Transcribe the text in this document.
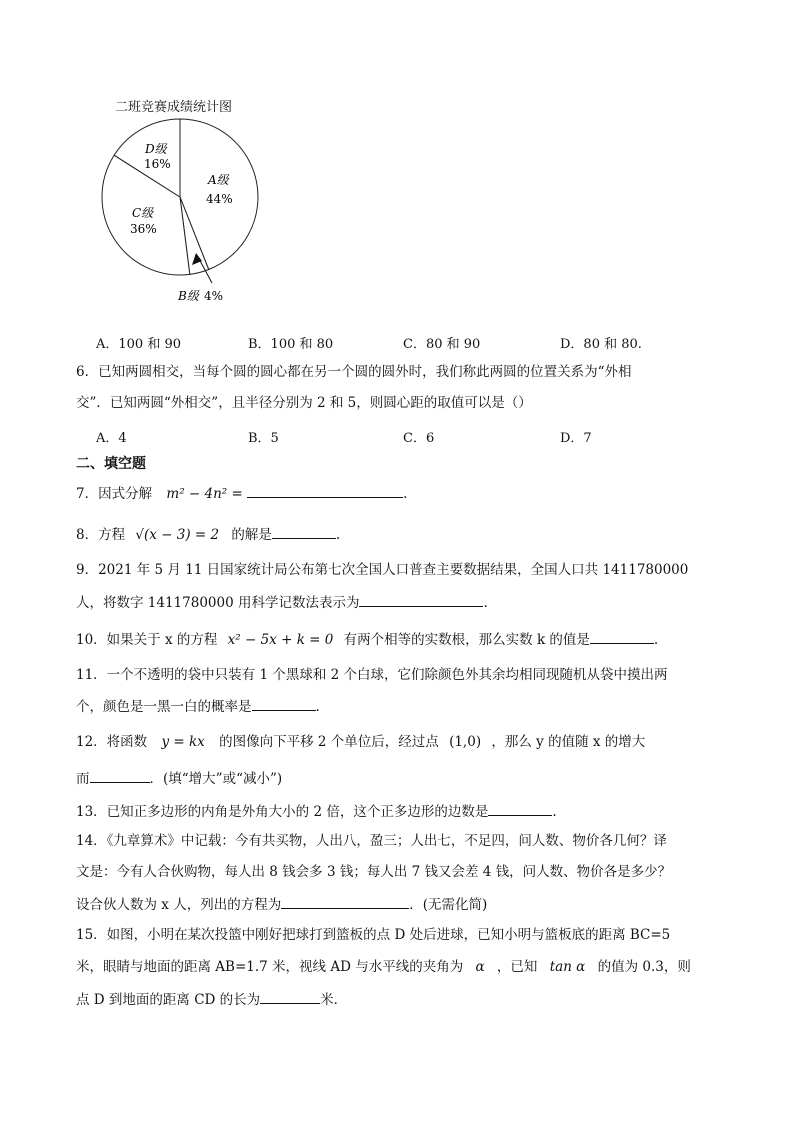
二班竞赛成绩统计图
D级
16%
A级
44%
C级
36%
B级 4%
A．100 和 90	B．100 和 80	C．80 和 90	D．80 和 80.
6．已知两圆相交，当每个圆的圆心都在另一个圆的圆外时，我们称此两圆的位置关系为“外相
交”．已知两圆“外相交”，且半径分别为 2 和 5，则圆心距的取值可以是（）
A．4	B．5	C．6	D．7
二、填空题
7．因式分解 m² − 4n² =	.
8．方程 √(x − 3) = 2 的解是	.
9．2021 年 5 月 11 日国家统计局公布第七次全国人口普查主要数据结果，全国人口共 1411780000
人，将数字 1411780000 用科学记数法表示为	.
10．如果关于 x 的方程 x² − 5x + k = 0 有两个相等的实数根，那么实数 k 的值是	.
11．一个不透明的袋中只装有 1 个黑球和 2 个白球，它们除颜色外其余均相同现随机从袋中摸出两
个，颜色是一黑一白的概率是	.
12．将函数 y = kx 的图像向下平移 2 个单位后，经过点 (1,0) ，那么 y 的值随 x 的增大
而	．(填“增大”或“减小”)
13．已知正多边形的内角是外角大小的 2 倍，这个正多边形的边数是	.
14．《九章算术》中记载：今有共买物，人出八，盈三；人出七，不足四，问人数、物价各几何？译
文是：今有人合伙购物，每人出 8 钱会多 3 钱；每人出 7 钱又会差 4 钱，问人数、物价各是多少？
设合伙人数为 x 人，列出的方程为	．(无需化简)
15．如图，小明在某次投篮中刚好把球打到篮板的点 D 处后进球，已知小明与篮板底的距离 BC=5
米，眼睛与地面的距离 AB=1.7 米，视线 AD 与水平线的夹角为 α ，已知 tan α 的值为 0.3，则
点 D 到地面的距离 CD 的长为	米．
